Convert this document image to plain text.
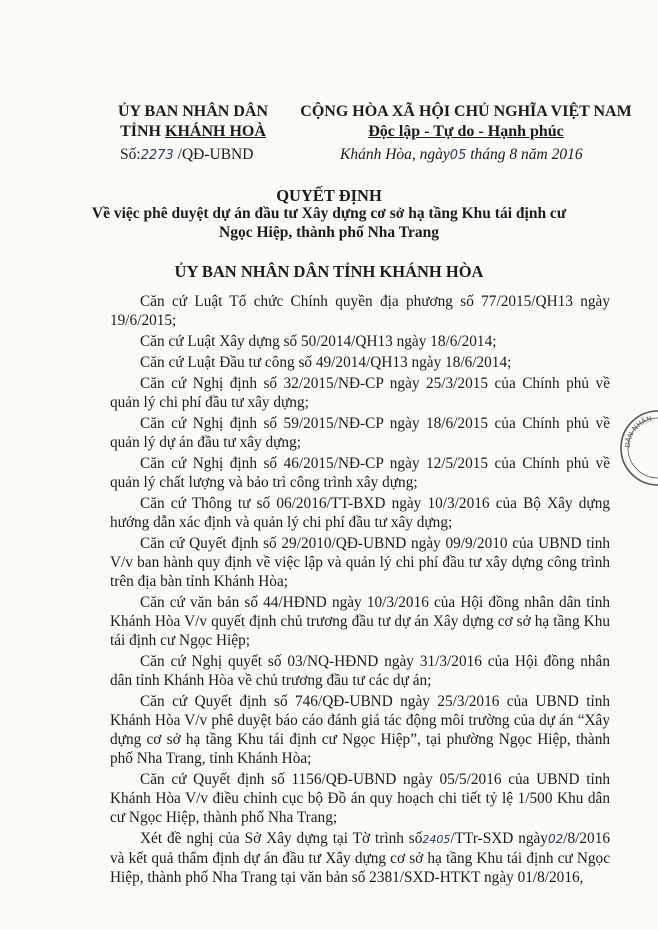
ỦY BAN NHÂN DÂN
TỈNH KHÁNH HOÀ
CỘNG HÒA XÃ HỘI CHỦ NGHĨA VIỆT NAM
Độc lập - Tự do - Hạnh phúc
Số:2273 /QĐ-UBND	Khánh Hòa, ngày05 tháng 8 năm 2016
QUYẾT ĐỊNH
Về việc phê duyệt dự án đầu tư Xây dựng cơ sở hạ tầng Khu tái định cư
Ngọc Hiệp, thành phố Nha Trang
ỦY BAN NHÂN DÂN TỈNH KHÁNH HÒA

Căn cứ Luật Tổ chức Chính quyền địa phương số 77/2015/QH13 ngày 19/6/2015;

Căn cứ Luật Xây dựng số 50/2014/QH13 ngày 18/6/2014;

Căn cứ Luật Đầu tư công số 49/2014/QH13 ngày 18/6/2014;

Căn cứ Nghị định số 32/2015/NĐ-CP ngày 25/3/2015 của Chính phủ về quản lý chi phí đầu tư xây dựng;

Căn cứ Nghị định số 59/2015/NĐ-CP ngày 18/6/2015 của Chính phủ về quản lý dự án đầu tư xây dựng;

Căn cứ Nghị định số 46/2015/NĐ-CP ngày 12/5/2015 của Chính phủ về quản lý chất lượng và bảo trì công trình xây dựng;

Căn cứ Thông tư số 06/2016/TT-BXD ngày 10/3/2016 của Bộ Xây dựng hướng dẫn xác định và quản lý chi phí đầu tư xây dựng;

Căn cứ Quyết định số 29/2010/QĐ-UBND ngày 09/9/2010 của UBND tỉnh V/v ban hành quy định về việc lập và quản lý chi phí đầu tư xây dựng công trình trên địa bàn tỉnh Khánh Hòa;

Căn cứ văn bản số 44/HĐND ngày 10/3/2016 của Hội đồng nhân dân tỉnh Khánh Hòa V/v quyết định chủ trương đầu tư dự án Xây dựng cơ sở hạ tầng Khu tái định cư Ngọc Hiệp;

Căn cứ Nghị quyết số 03/NQ-HĐND ngày 31/3/2016 của Hội đồng nhân dân tỉnh Khánh Hòa về chủ trương đầu tư các dự án;

Căn cứ Quyết định số 746/QĐ-UBND ngày 25/3/2016 của UBND tỉnh Khánh Hòa V/v phê duyệt báo cáo đánh giá tác động môi trường của dự án “Xây dựng cơ sở hạ tầng Khu tái định cư Ngọc Hiệp”, tại phường Ngọc Hiệp, thành phố Nha Trang, tỉnh Khánh Hòa;

Căn cứ Quyết định số 1156/QĐ-UBND ngày 05/5/2016 của UBND tỉnh Khánh Hòa V/v điều chỉnh cục bộ Đồ án quy hoạch chi tiết tỷ lệ 1/500 Khu dân cư Ngọc Hiệp, thành phố Nha Trang;

Xét đề nghị của Sở Xây dựng tại Tờ trình số2405/TTr-SXD ngày02/8/2016 và kết quả thẩm định dự án đầu tư Xây dựng cơ sở hạ tầng Khu tái định cư Ngọc Hiệp, thành phố Nha Trang tại văn bản số 2381/SXD-HTKT ngày 01/8/2016,

DÂN NHÂN
